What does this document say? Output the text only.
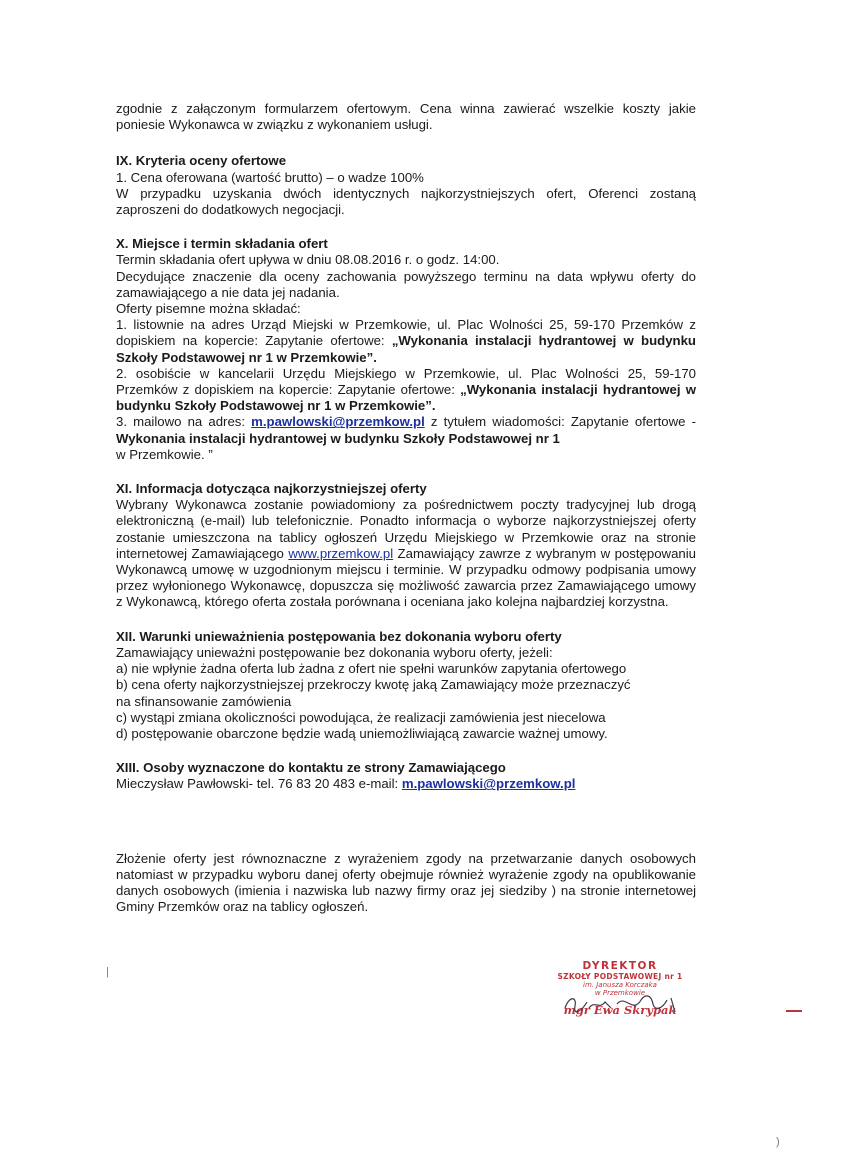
zgodnie z załączonym formularzem ofertowym. Cena winna zawierać wszelkie koszty jakie poniesie Wykonawca w związku z wykonaniem usługi.

IX. Kryteria oceny ofertowe

1. Cena oferowana (wartość brutto) – o wadze 100%

W przypadku uzyskania dwóch identycznych najkorzystniejszych ofert, Oferenci zostaną zaproszeni do dodatkowych negocjacji.

X. Miejsce i termin składania ofert

Termin składania ofert upływa w dniu 08.08.2016 r. o godz. 14:00.

Decydujące znaczenie dla oceny zachowania powyższego terminu na data wpływu oferty do zamawiającego a nie data jej nadania.

Oferty pisemne można składać:

1. listownie na adres Urząd Miejski w Przemkowie, ul. Plac Wolności 25, 59-170 Przemków z dopiskiem na kopercie: Zapytanie ofertowe: „Wykonania instalacji hydrantowej w budynku Szkoły Podstawowej nr 1 w Przemkowie”.

2. osobiście w kancelarii Urzędu Miejskiego w Przemkowie, ul. Plac Wolności 25, 59-170 Przemków z dopiskiem na kopercie: Zapytanie ofertowe: „Wykonania instalacji hydrantowej w budynku Szkoły Podstawowej nr 1 w Przemkowie”.

3. mailowo na adres: m.pawlowski@przemkow.pl z tytułem wiadomości: Zapytanie ofertowe - Wykonania instalacji hydrantowej w budynku Szkoły Podstawowej nr 1
w Przemkowie. ”

XI. Informacja dotycząca najkorzystniejszej oferty

Wybrany Wykonawca zostanie powiadomiony za pośrednictwem poczty tradycyjnej lub drogą elektroniczną (e-mail) lub telefonicznie. Ponadto informacja o wyborze najkorzystniejszej oferty zostanie umieszczona na tablicy ogłoszeń Urzędu Miejskiego w Przemkowie oraz na stronie internetowej Zamawiającego www.przemkow.pl Zamawiający zawrze z wybranym w postępowaniu Wykonawcą umowę w uzgodnionym miejscu i terminie. W przypadku odmowy podpisania umowy przez wyłonionego Wykonawcę, dopuszcza się możliwość zawarcia przez Zamawiającego umowy z Wykonawcą, którego oferta została porównana i oceniana jako kolejna najbardziej korzystna.

XII. Warunki unieważnienia postępowania bez dokonania wyboru oferty

Zamawiający unieważni postępowanie bez dokonania wyboru oferty, jeżeli:

a) nie wpłynie żadna oferta lub żadna z ofert nie spełni warunków zapytania ofertowego

b) cena oferty najkorzystniejszej przekroczy kwotę jaką Zamawiający może przeznaczyć

na sfinansowanie zamówienia

c) wystąpi zmiana okoliczności powodująca, że realizacji zamówienia jest niecelowa

d) postępowanie obarczone będzie wadą uniemożliwiającą zawarcie ważnej umowy.

XIII. Osoby wyznaczone do kontaktu ze strony Zamawiającego

Mieczysław Pawłowski- tel. 76 83 20 483 e-mail: m.pawlowski@przemkow.pl

Złożenie oferty jest równoznaczne z wyrażeniem zgody na przetwarzanie danych osobowych natomiast w przypadku wyboru danej oferty obejmuje również wyrażenie zgody na opublikowanie danych osobowych (imienia i nazwiska lub nazwy firmy oraz jej siedziby ) na stronie internetowej Gminy Przemków oraz na tablicy ogłoszeń.

DYREKTOR
SZKOŁY PODSTAWOWEJ nr 1
im. Janusza Korczaka
w Przemkowie
mgr Ewa Skrypak
|
)
